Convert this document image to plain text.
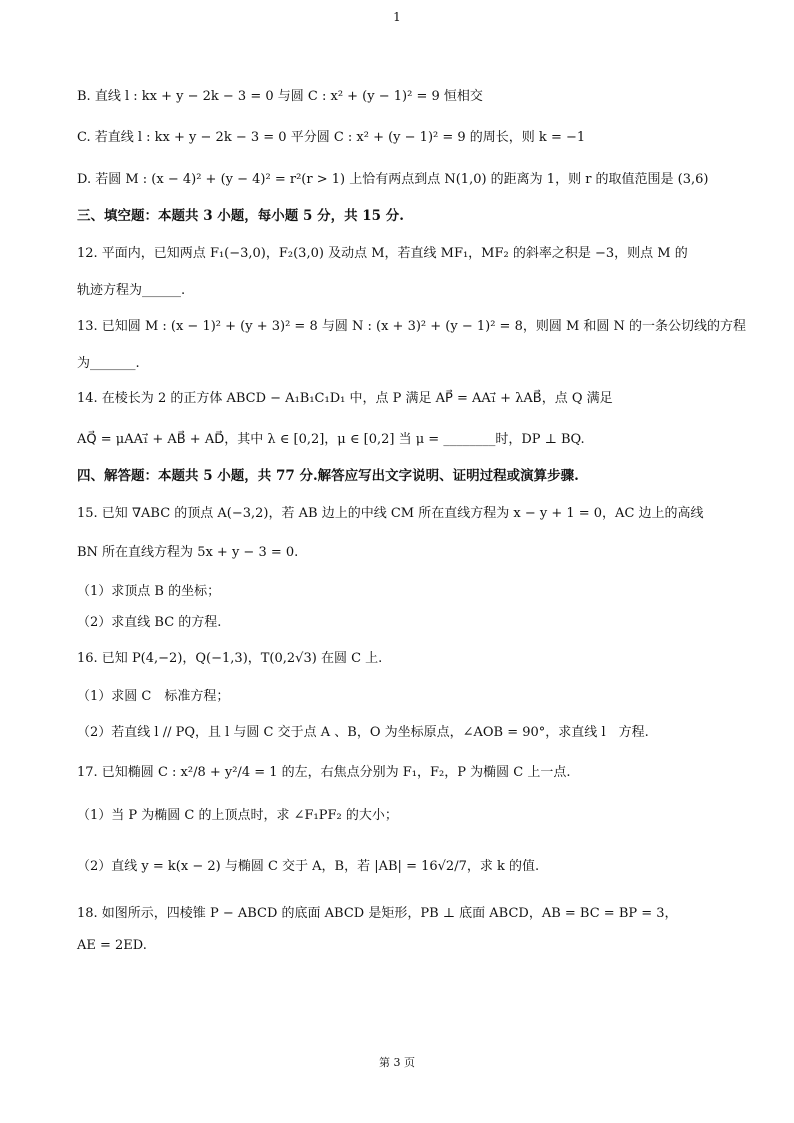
1
B. 直线 l : kx + y − 2k − 3 = 0 与圆 C : x² + (y − 1)² = 9 恒相交
C. 若直线 l : kx + y − 2k − 3 = 0 平分圆 C : x² + (y − 1)² = 9 的周长，则 k = −1
D. 若圆 M : (x − 4)² + (y − 4)² = r²(r > 1) 上恰有两点到点 N(1,0) 的距离为 1，则 r 的取值范围是 (3,6)
三、填空题：本题共 3 小题，每小题 5 分，共 15 分.
12. 平面内，已知两点 F₁(−3,0)，F₂(3,0) 及动点 M，若直线 MF₁，MF₂ 的斜率之积是 −3，则点 M 的
轨迹方程为______.
13. 已知圆 M : (x − 1)² + (y + 3)² = 8 与圆 N : (x + 3)² + (y − 1)² = 8，则圆 M 和圆 N 的一条公切线的方程
为_______.
14. 在棱长为 2 的正方体 ABCD − A₁B₁C₁D₁ 中，点 P 满足 AP⃗ = AA₁⃗ + λAB⃗，点 Q 满足
AQ⃗ = μAA₁⃗ + AB⃗ + AD⃗，其中 λ ∈ [0,2]，μ ∈ [0,2] 当 μ = ________时，DP ⊥ BQ.
四、解答题：本题共 5 小题，共 77 分.解答应写出文字说明、证明过程或演算步骤.
15. 已知 ∇ABC 的顶点 A(−3,2)，若 AB 边上的中线 CM 所在直线方程为 x − y + 1 = 0，AC 边上的高线
BN 所在直线方程为 5x + y − 3 = 0.
（1）求顶点 B 的坐标；
（2）求直线 BC 的方程.
16. 已知 P(4,−2)，Q(−1,3)，T(0,2√3) 在圆 C 上.
（1）求圆 C　标准方程；
（2）若直线 l // PQ，且 l 与圆 C 交于点 A 、B，O 为坐标原点，∠AOB = 90°，求直线 l　方程.
17. 已知椭圆 C : x²/8 + y²/4 = 1 的左，右焦点分别为 F₁，F₂，P 为椭圆 C 上一点.
（1）当 P 为椭圆 C 的上顶点时，求 ∠F₁PF₂ 的大小；
（2）直线 y = k(x − 2) 与椭圆 C 交于 A，B，若 |AB| = 16√2/7，求 k 的值.
18. 如图所示，四棱锥 P − ABCD 的底面 ABCD 是矩形，PB ⊥ 底面 ABCD，AB = BC = BP = 3，
AE = 2ED.
第 3 页
